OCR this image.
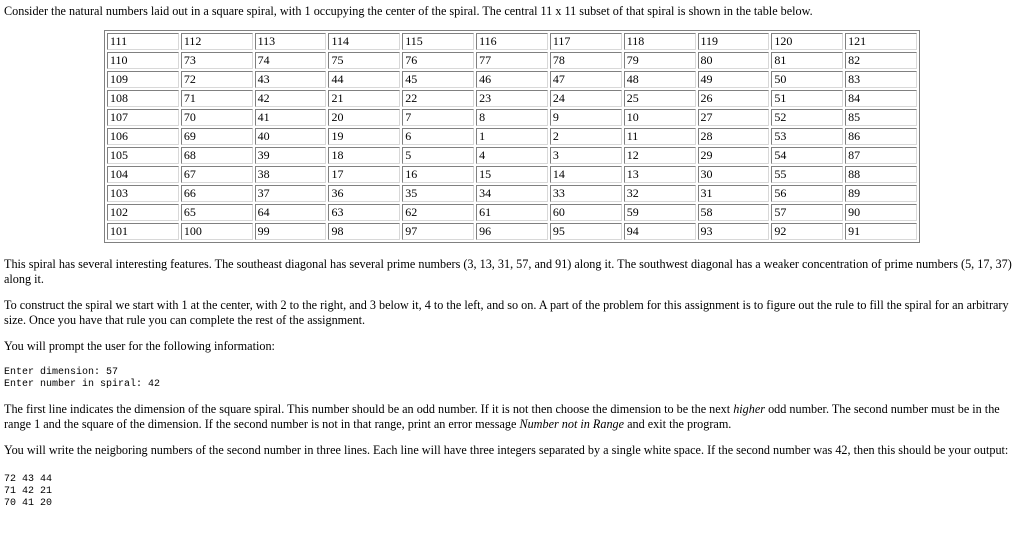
Consider the natural numbers laid out in a square spiral, with 1 occupying the center of the spiral. The central 11 x 11 subset of that spiral is shown in the table below.

111	112	113	114	115	116	117	118	119	120	121
110	73	74	75	76	77	78	79	80	81	82
109	72	43	44	45	46	47	48	49	50	83
108	71	42	21	22	23	24	25	26	51	84
107	70	41	20	7	8	9	10	27	52	85
106	69	40	19	6	1	2	11	28	53	86
105	68	39	18	5	4	3	12	29	54	87
104	67	38	17	16	15	14	13	30	55	88
103	66	37	36	35	34	33	32	31	56	89
102	65	64	63	62	61	60	59	58	57	90
101	100	99	98	97	96	95	94	93	92	91

This spiral has several interesting features. The southeast diagonal has several prime numbers (3, 13, 31, 57, and 91) along it. The southwest diagonal has a weaker concentration of prime numbers (5, 17, 37) along it.

To construct the spiral we start with 1 at the center, with 2 to the right, and 3 below it, 4 to the left, and so on. A part of the problem for this assignment is to figure out the rule to fill the spiral for an arbitrary size. Once you have that rule you can complete the rest of the assignment.

You will prompt the user for the following information:

Enter dimension: 57
Enter number in spiral: 42

The first line indicates the dimension of the square spiral. This number should be an odd number. If it is not then choose the dimension to be the next higher odd number. The second number must be in the range 1 and the square of the dimension. If the second number is not in that range, print an error message Number not in Range and exit the program.

You will write the neigboring numbers of the second number in three lines. Each line will have three integers separated by a single white space. If the second number was 42, then this should be your output:

72 43 44
71 42 21
70 41 20
